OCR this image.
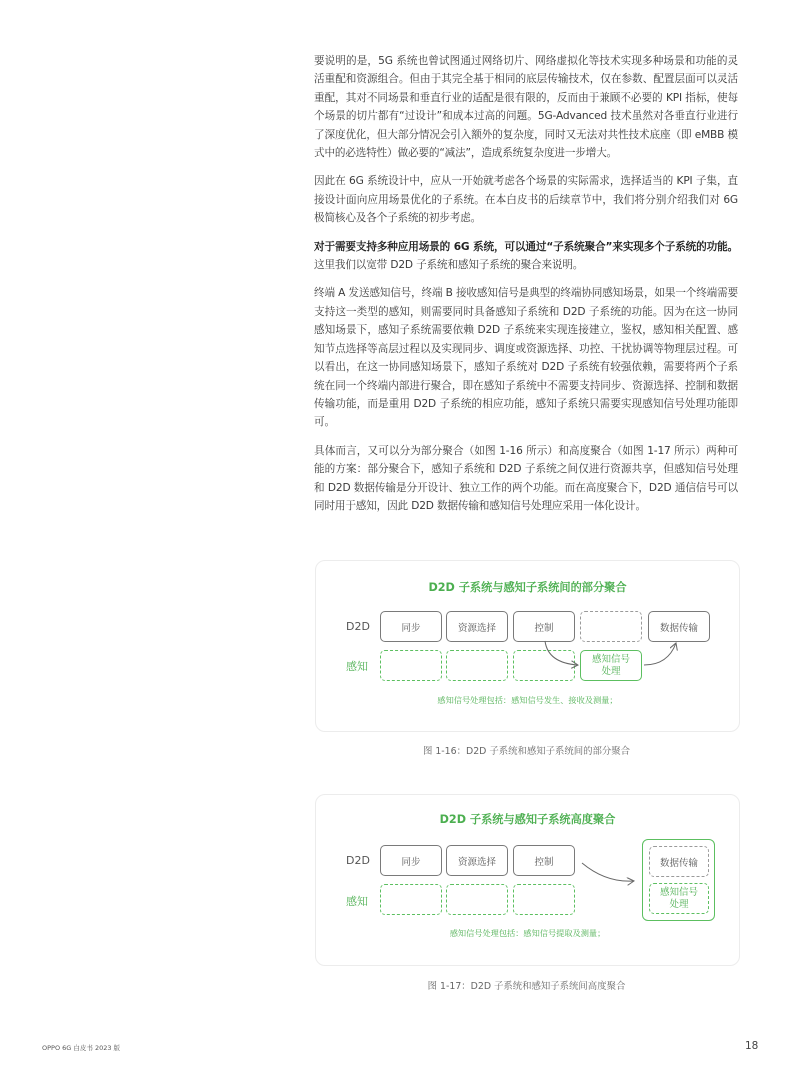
要说明的是，5G 系统也曾试图通过网络切片、网络虚拟化等技术实现多种场景和功能的灵活重配和资源组合。但由于其完全基于相同的底层传输技术，仅在参数、配置层面可以灵活重配，其对不同场景和垂直行业的适配是很有限的，反而由于兼顾不必要的 KPI 指标，使每个场景的切片都有“过设计”和成本过高的问题。5G-Advanced 技术虽然对各垂直行业进行了深度优化，但大部分情况会引入额外的复杂度，同时又无法对共性技术底座（即 eMBB 模式中的必选特性）做必要的“减法”，造成系统复杂度进一步增大。

因此在 6G 系统设计中，应从一开始就考虑各个场景的实际需求，选择适当的 KPI 子集，直接设计面向应用场景优化的子系统。在本白皮书的后续章节中，我们将分别介绍我们对 6G 极简核心及各个子系统的初步考虑。

对于需要支持多种应用场景的 6G 系统，可以通过“子系统聚合”来实现多个子系统的功能。这里我们以宽带 D2D 子系统和感知子系统的聚合来说明。

终端 A 发送感知信号，终端 B 接收感知信号是典型的终端协同感知场景，如果一个终端需要支持这一类型的感知，则需要同时具备感知子系统和 D2D 子系统的功能。因为在这一协同感知场景下，感知子系统需要依赖 D2D 子系统来实现连接建立，鉴权，感知相关配置、感知节点选择等高层过程以及实现同步、调度或资源选择、功控、干扰协调等物理层过程。可以看出，在这一协同感知场景下，感知子系统对 D2D 子系统有较强依赖，需要将两个子系统在同一个终端内部进行聚合，即在感知子系统中不需要支持同步、资源选择、控制和数据传输功能，而是重用 D2D 子系统的相应功能，感知子系统只需要实现感知信号处理功能即可。

具体而言，又可以分为部分聚合（如图 1-16 所示）和高度聚合（如图 1-17 所示）两种可能的方案：部分聚合下，感知子系统和 D2D 子系统之间仅进行资源共享，但感知信号处理和 D2D 数据传输是分开设计、独立工作的两个功能。而在高度聚合下，D2D 通信信号可以同时用于感知，因此 D2D 数据传输和感知信号处理应采用一体化设计。

D2D 子系统与感知子系统间的部分聚合
D2D
感知
同步	资源选择	控制	数据传输
感知信号
处理
感知信号处理包括：感知信号发生、接收及测量；
图 1-16：D2D 子系统和感知子系统间的部分聚合
D2D 子系统与感知子系统高度聚合
D2D
感知
同步	资源选择	控制	数据传输
感知信号
处理
感知信号处理包括：感知信号提取及测量；
图 1-17：D2D 子系统和感知子系统间高度聚合
OPPO 6G 白皮书 2023 版	18
